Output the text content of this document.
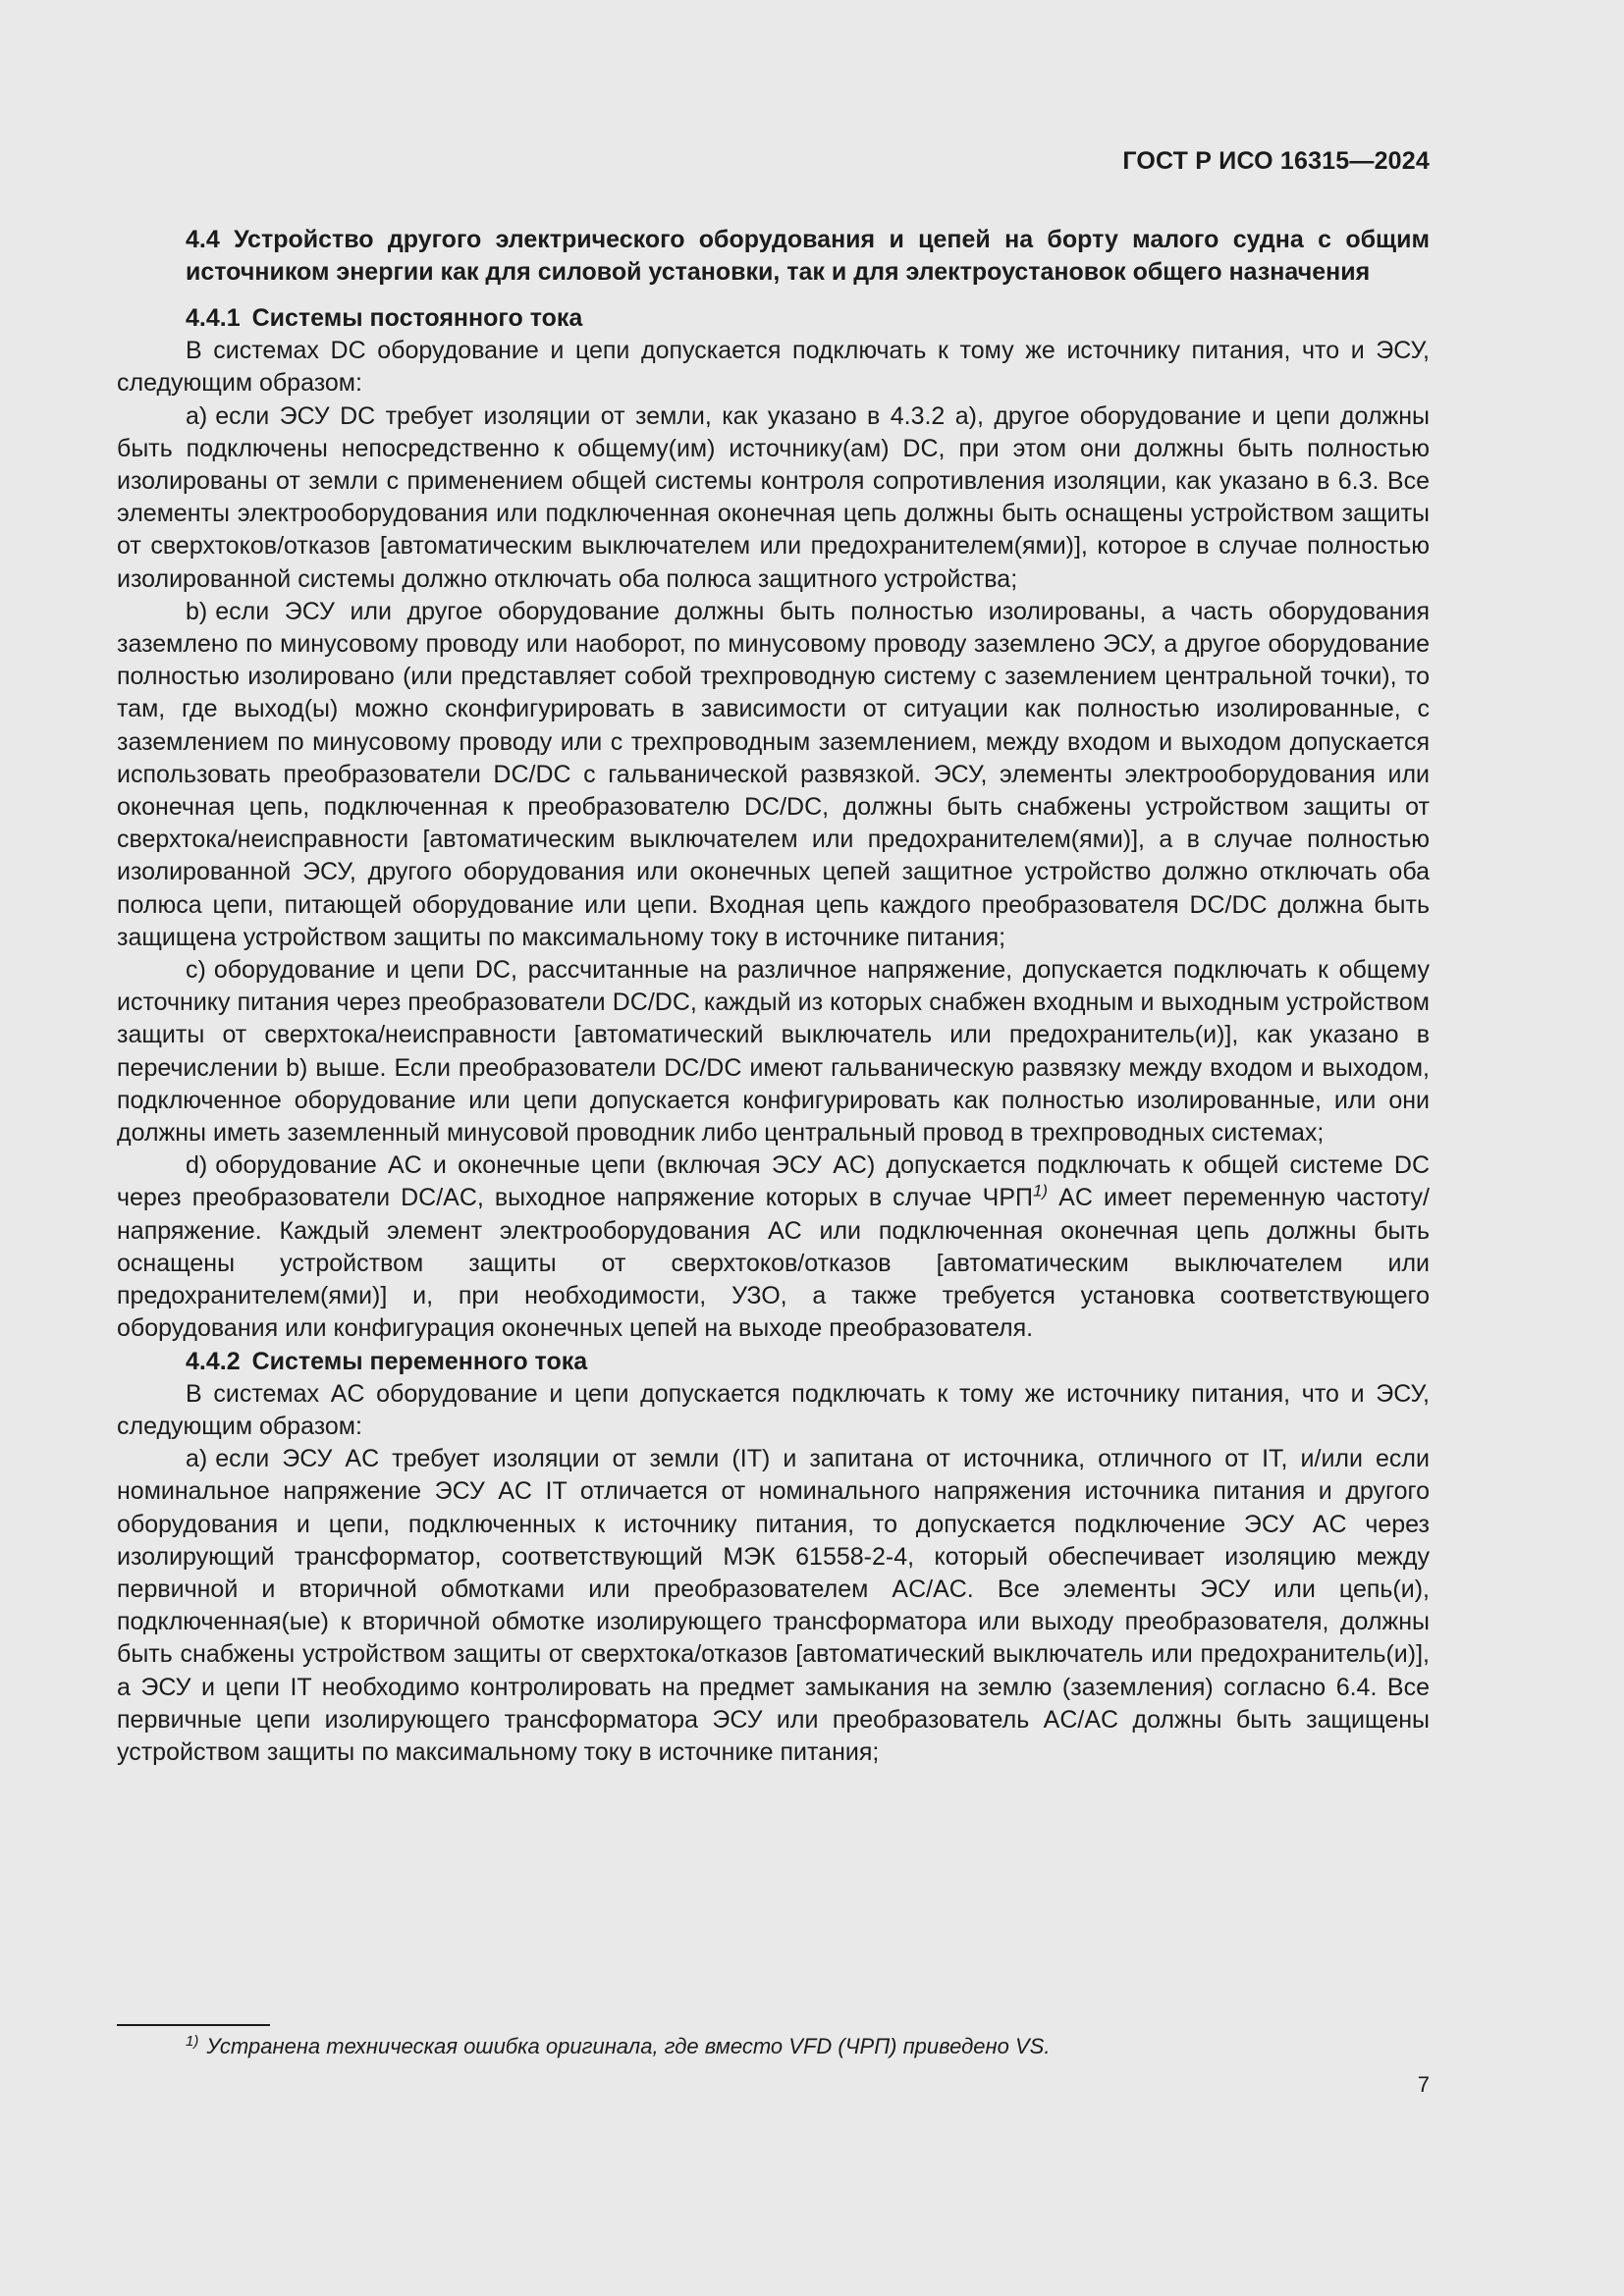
ГОСТ Р ИСО 16315—2024

4.4 Устройство другого электрического оборудования и цепей на борту малого судна с общим источником энергии как для силовой установки, так и для электроустановок общего назначения

4.4.1 Системы постоянного тока

В системах DC оборудование и цепи допускается подключать к тому же источнику питания, что и ЭСУ, следующим образом:

a) если ЭСУ DC требует изоляции от земли, как указано в 4.3.2 a), другое оборудование и цепи должны быть подключены непосредственно к общему(им) источнику(ам) DC, при этом они должны быть полностью изолированы от земли с применением общей системы контроля сопротивления изоляции, как указано в 6.3. Все элементы электрооборудования или подключенная оконечная цепь должны быть оснащены устройством защиты от сверхтоков/отказов [автоматическим выключателем или предохранителем(ями)], которое в случае полностью изолированной системы должно отключать оба полюса защитного устройства;

b) если ЭСУ или другое оборудование должны быть полностью изолированы, а часть оборудования заземлено по минусовому проводу или наоборот, по минусовому проводу заземлено ЭСУ, а другое оборудование полностью изолировано (или представляет собой трехпроводную систему с заземлением центральной точки), то там, где выход(ы) можно сконфигурировать в зависимости от ситуации как полностью изолированные, с заземлением по минусовому проводу или с трехпроводным заземлением, между входом и выходом допускается использовать преобразователи DC/DC с гальванической развязкой. ЭСУ, элементы электрооборудования или оконечная цепь, подключенная к преобразователю DC/DC, должны быть снабжены устройством защиты от сверхтока/неисправности [автоматическим выключателем или предохранителем(ями)], а в случае полностью изолированной ЭСУ, другого оборудования или оконечных цепей защитное устройство должно отключать оба полюса цепи, питающей оборудование или цепи. Входная цепь каждого преобразователя DC/DC должна быть защищена устройством защиты по максимальному току в источнике питания;

c) оборудование и цепи DC, рассчитанные на различное напряжение, допускается подключать к общему источнику питания через преобразователи DC/DC, каждый из которых снабжен входным и выходным устройством защиты от сверхтока/неисправности [автоматический выключатель или предохранитель(и)], как указано в перечислении b) выше. Если преобразователи DC/DC имеют гальваническую развязку между входом и выходом, подключенное оборудование или цепи допускается конфигурировать как полностью изолированные, или они должны иметь заземленный минусовой проводник либо центральный провод в трехпроводных системах;

d) оборудование AC и оконечные цепи (включая ЭСУ AC) допускается подключать к общей системе DC через преобразователи DC/AC, выходное напряжение которых в случае ЧРП$^{1)}$ AC имеет переменную частоту/напряжение. Каждый элемент электрооборудования AC или подключенная оконечная цепь должны быть оснащены устройством защиты от сверхтоков/отказов [автоматическим выключателем или предохранителем(ями)] и, при необходимости, УЗО, а также требуется установка соответствующего оборудования или конфигурация оконечных цепей на выходе преобразователя.

4.4.2 Системы переменного тока

В системах AC оборудование и цепи допускается подключать к тому же источнику питания, что и ЭСУ, следующим образом:

a) если ЭСУ AC требует изоляции от земли (IT) и запитана от источника, отличного от IT, и/или если номинальное напряжение ЭСУ AC IT отличается от номинального напряжения источника питания и другого оборудования и цепи, подключенных к источнику питания, то допускается подключение ЭСУ AC через изолирующий трансформатор, соответствующий МЭК 61558-2-4, который обеспечивает изоляцию между первичной и вторичной обмотками или преобразователем AC/AC. Все элементы ЭСУ или цепь(и), подключенная(ые) к вторичной обмотке изолирующего трансформатора или выходу преобразователя, должны быть снабжены устройством защиты от сверхтока/отказов [автоматический выключатель или предохранитель(и)], а ЭСУ и цепи IT необходимо контролировать на предмет замыкания на землю (заземления) согласно 6.4. Все первичные цепи изолирующего трансформатора ЭСУ или преобразователь AC/AC должны быть защищены устройством защиты по максимальному току в источнике питания;

$^{1)}$ Устранена техническая ошибка оригинала, где вместо VFD (ЧРП) приведено VS.
7
